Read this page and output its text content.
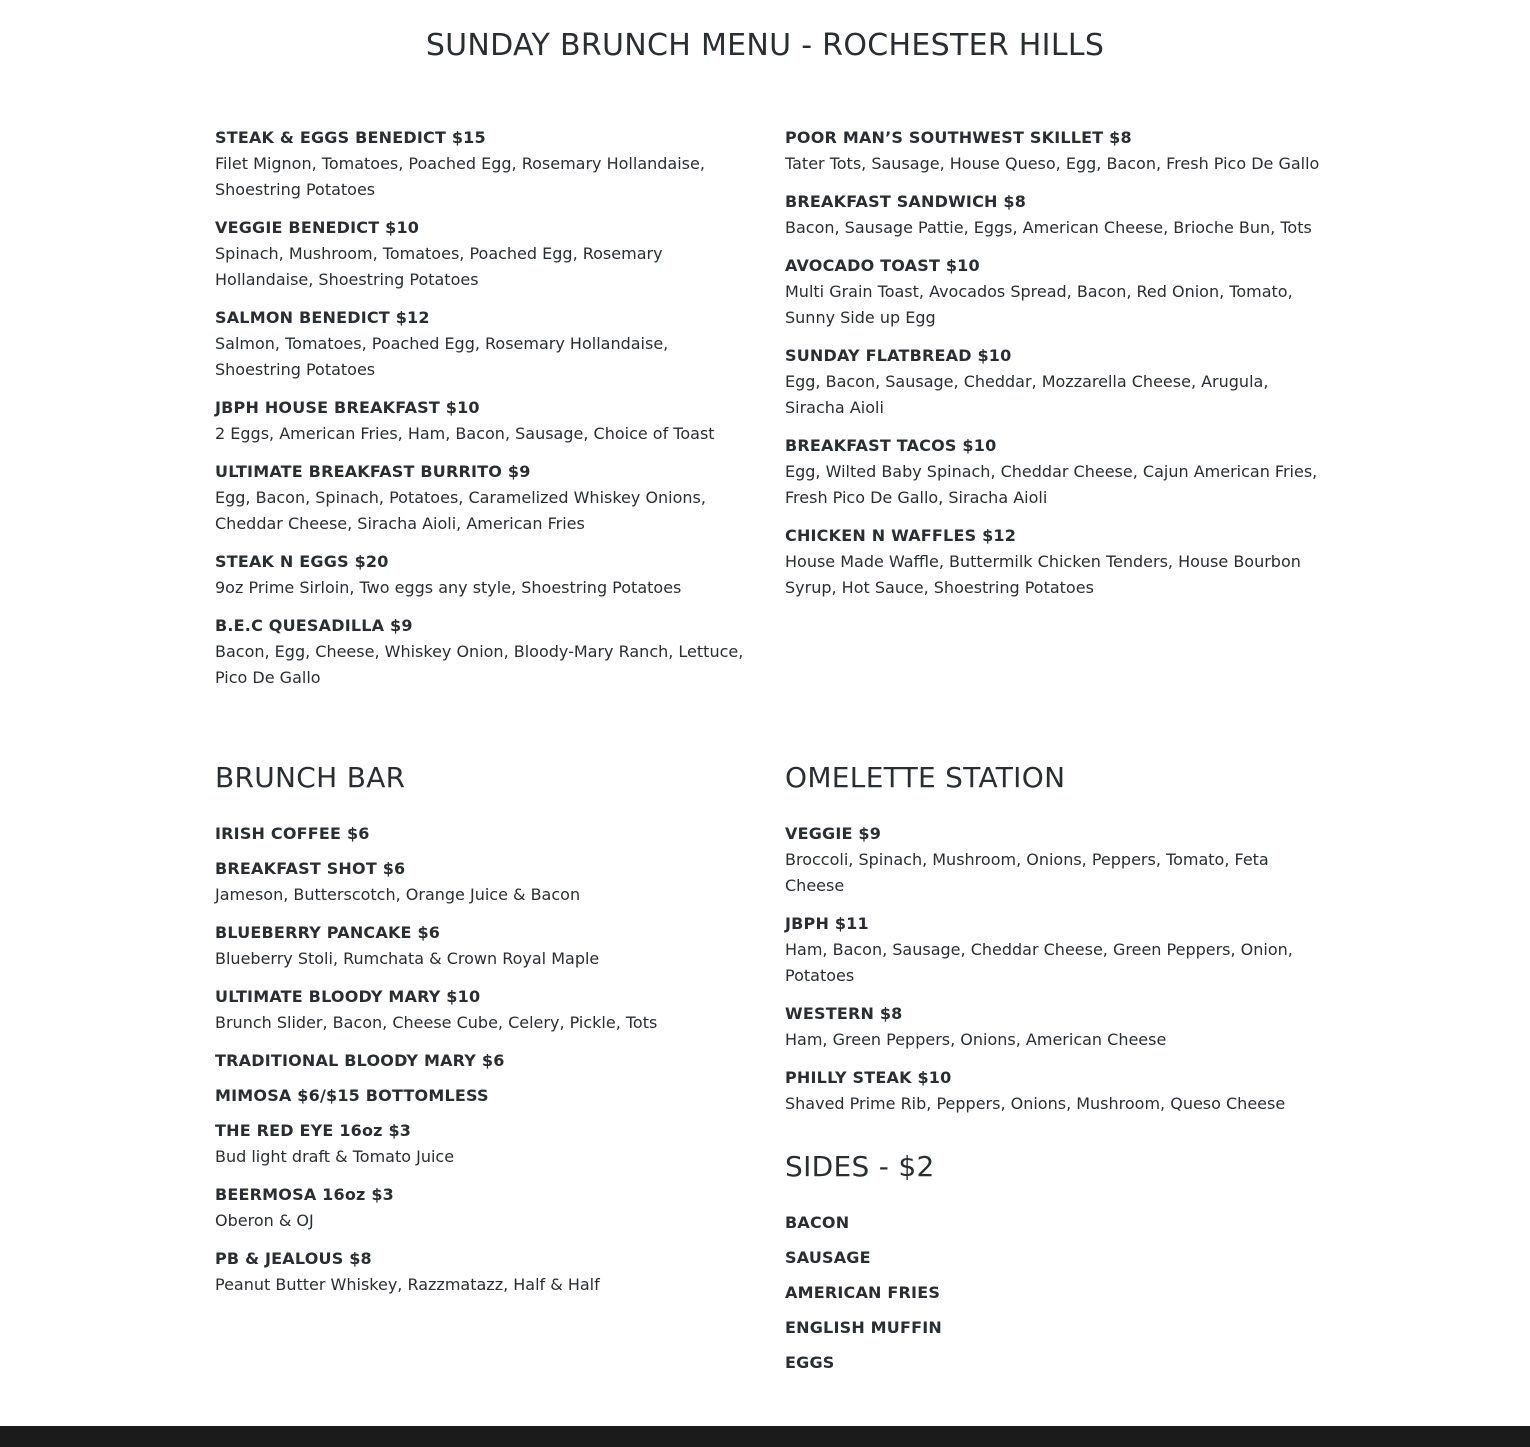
SUNDAY BRUNCH MENU - ROCHESTER HILLS
STEAK & EGGS BENEDICT $15
Filet Mignon, Tomatoes, Poached Egg, Rosemary Hollandaise, Shoestring Potatoes
VEGGIE BENEDICT $10
Spinach, Mushroom, Tomatoes, Poached Egg, Rosemary Hollandaise, Shoestring Potatoes
SALMON BENEDICT $12
Salmon, Tomatoes, Poached Egg, Rosemary Hollandaise, Shoestring Potatoes
JBPH HOUSE BREAKFAST $10
2 Eggs, American Fries, Ham, Bacon, Sausage, Choice of Toast
ULTIMATE BREAKFAST BURRITO $9
Egg, Bacon, Spinach, Potatoes, Caramelized Whiskey Onions, Cheddar Cheese, Siracha Aioli, American Fries
STEAK N EGGS $20
9oz Prime Sirloin, Two eggs any style, Shoestring Potatoes
B.E.C QUESADILLA $9
Bacon, Egg, Cheese, Whiskey Onion, Bloody-Mary Ranch, Lettuce, Pico De Gallo
POOR MAN’S SOUTHWEST SKILLET $8
Tater Tots, Sausage, House Queso, Egg, Bacon, Fresh Pico De Gallo
BREAKFAST SANDWICH $8
Bacon, Sausage Pattie, Eggs, American Cheese, Brioche Bun, Tots
AVOCADO TOAST $10
Multi Grain Toast, Avocados Spread, Bacon, Red Onion, Tomato, Sunny Side up Egg
SUNDAY FLATBREAD $10
Egg, Bacon, Sausage, Cheddar, Mozzarella Cheese, Arugula, Siracha Aioli
BREAKFAST TACOS $10
Egg, Wilted Baby Spinach, Cheddar Cheese, Cajun American Fries, Fresh Pico De Gallo, Siracha Aioli
CHICKEN N WAFFLES $12
House Made Waffle, Buttermilk Chicken Tenders, House Bourbon Syrup, Hot Sauce, Shoestring Potatoes
BRUNCH BAR
IRISH COFFEE $6
BREAKFAST SHOT $6
Jameson, Butterscotch, Orange Juice & Bacon
BLUEBERRY PANCAKE $6
Blueberry Stoli, Rumchata & Crown Royal Maple
ULTIMATE BLOODY MARY $10
Brunch Slider, Bacon, Cheese Cube, Celery, Pickle, Tots
TRADITIONAL BLOODY MARY $6
MIMOSA $6/$15 BOTTOMLESS
THE RED EYE 16oz $3
Bud light draft & Tomato Juice
BEERMOSA 16oz $3
Oberon & OJ
PB & JEALOUS $8
Peanut Butter Whiskey, Razzmatazz, Half & Half
OMELETTE STATION
VEGGIE $9
Broccoli, Spinach, Mushroom, Onions, Peppers, Tomato, Feta Cheese
JBPH $11
Ham, Bacon, Sausage, Cheddar Cheese, Green Peppers, Onion, Potatoes
WESTERN $8
Ham, Green Peppers, Onions, American Cheese
PHILLY STEAK $10
Shaved Prime Rib, Peppers, Onions, Mushroom, Queso Cheese
SIDES - $2
BACON
SAUSAGE
AMERICAN FRIES
ENGLISH MUFFIN
EGGS
